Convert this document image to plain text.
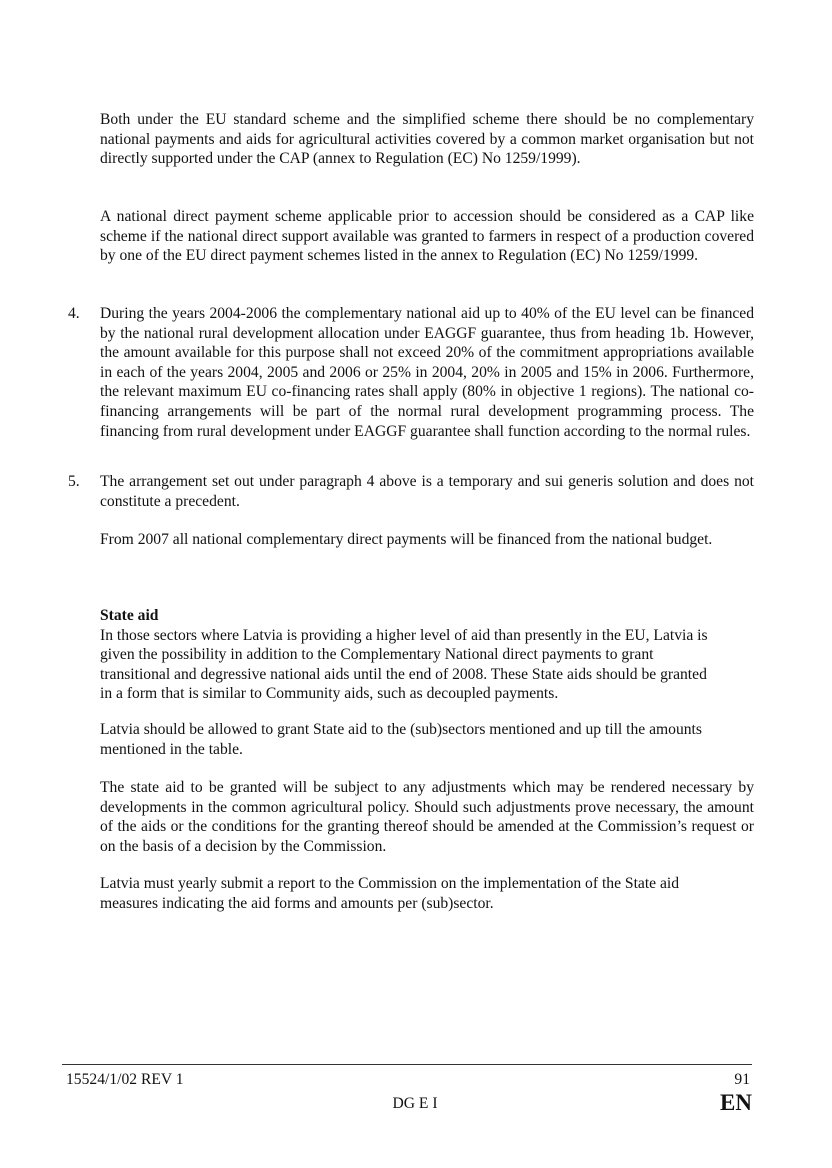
Both under the EU standard scheme and the simplified scheme there should be no complementary national payments and aids for agricultural activities covered by a common market organisation but not directly supported under the CAP (annex to Regulation (EC) No 1259/1999).

A national direct payment scheme applicable prior to accession should be considered as a CAP like scheme if the national direct support available was granted to farmers in respect of a production covered by one of the EU direct payment schemes listed in the annex to Regulation (EC) No 1259/1999.

4.	During the years 2004-2006 the complementary national aid up to 40% of the EU level can be financed by the national rural development allocation under EAGGF guarantee, thus from heading 1b. However, the amount available for this purpose shall not exceed 20% of the commitment appropriations available in each of the years 2004, 2005 and 2006 or 25% in 2004, 20% in 2005 and 15% in 2006. Furthermore, the relevant maximum EU co-financing rates shall apply (80% in objective 1 regions). The national co-financing arrangements will be part of the normal rural development programming process. The financing from rural development under EAGGF guarantee shall function according to the normal rules.
5.	The arrangement set out under paragraph 4 above is a temporary and sui generis solution and does not constitute a precedent.

From 2007 all national complementary direct payments will be financed from the national budget.

State aid
In those sectors where Latvia is providing a higher level of aid than presently in the EU, Latvia is
given the possibility in addition to the Complementary National direct payments to grant
transitional and degressive national aids until the end of 2008. These State aids should be granted
in a form that is similar to Community aids, such as decoupled payments.

Latvia should be allowed to grant State aid to the (sub)sectors mentioned and up till the amounts mentioned in the table.

The state aid to be granted will be subject to any adjustments which may be rendered necessary by developments in the common agricultural policy. Should such adjustments prove necessary, the amount of the aids or the conditions for the granting thereof should be amended at the Commission’s request or on the basis of a decision by the Commission.

Latvia must yearly submit a report to the Commission on the implementation of the State aid
measures indicating the aid forms and amounts per (sub)sector.
15524/1/02 REV 1	91
DG E I	EN
